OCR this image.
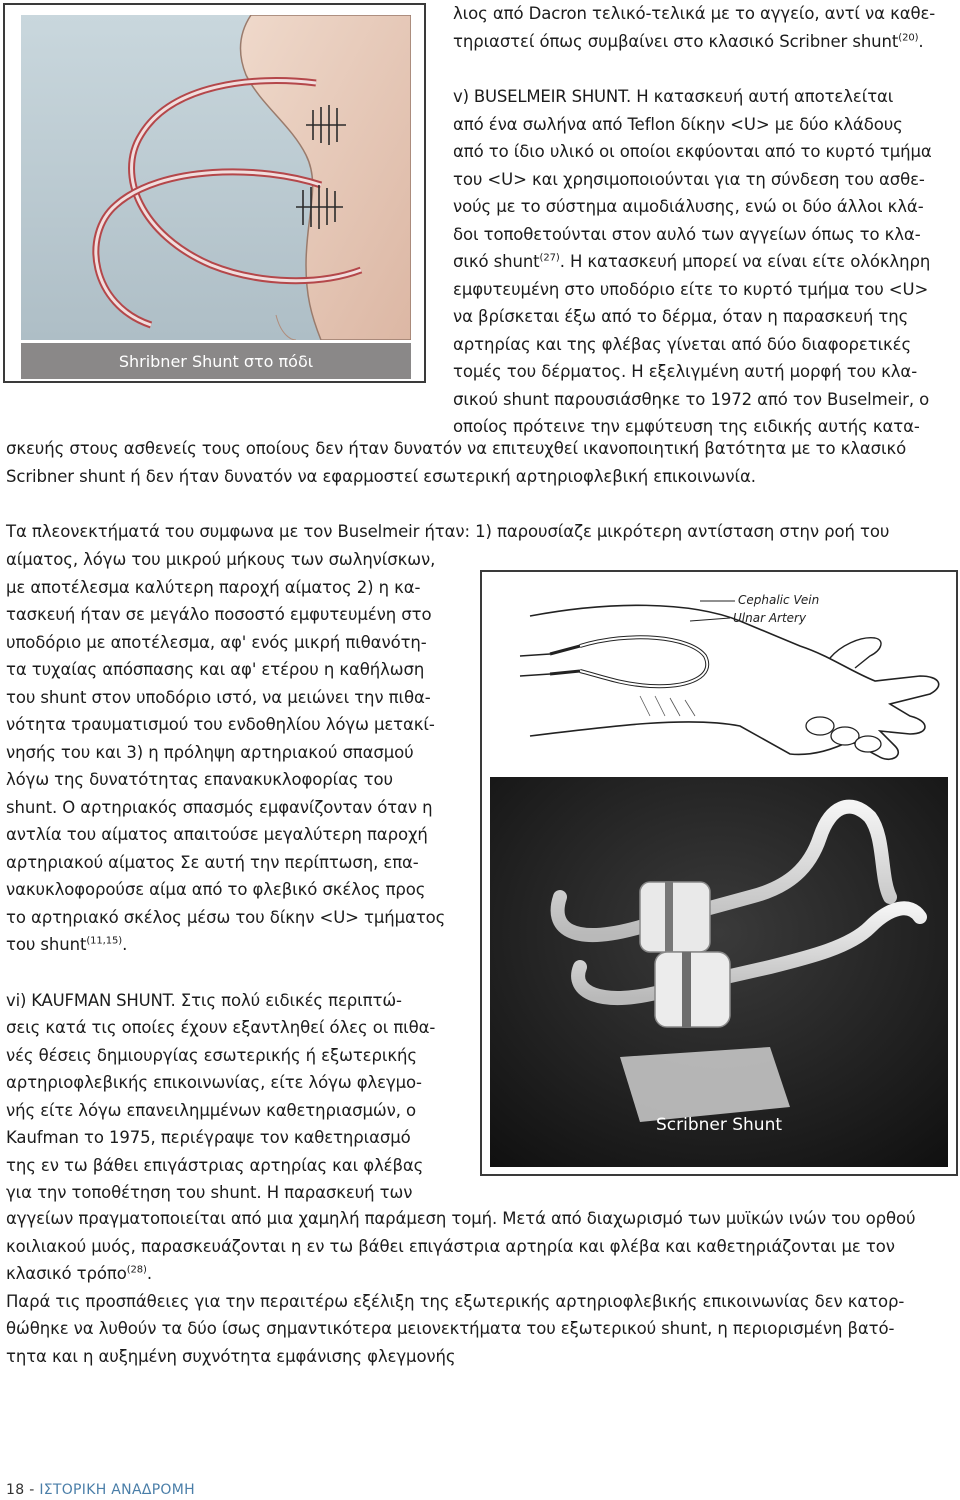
Shribner Shunt στο πόδι

λιος από Dacron τελικό-τελικά με το αγγείο, αντί να καθε-
τηριαστεί όπως συμβαίνει στο κλασικό Scribner shunt$^{(20)}$.

v) BUSELMEIR SHUNT. Η κατασκευή αυτή αποτελείται
από ένα σωλήνα από Teflon δίκην <U> με δύο κλάδους
από το ίδιο υλικό οι οποίοι εκφύονται από το κυρτό τμήμα
του <U> και χρησιμοποιούνται για τη σύνδεση του ασθε-
νούς με το σύστημα αιμοδιάλυσης, ενώ οι δύο άλλοι κλά-
δοι τοποθετούνται στον αυλό των αγγείων όπως το κλα-
σικό shunt$^{(27)}$. Η κατασκευή μπορεί να είναι είτε ολόκληρη
εμφυτευμένη στο υποδόριο είτε το κυρτό τμήμα του <U>
να βρίσκεται έξω από το δέρμα, όταν η παρασκευή της
αρτηρίας και της φλέβας γίνεται από δύο διαφορετικές
τομές του δέρματος. Η εξελιγμένη αυτή μορφή του κλα-
σικού shunt παρουσιάσθηκε το 1972 από τον Buselmeir, ο
οποίος πρότεινε την εμφύτευση της ειδικής αυτής κατα-

σκευής στους ασθενείς τους οποίους δεν ήταν δυνατόν να επιτευχθεί ικανοποιητική βατότητα με το κλασικό
Scribner shunt ή δεν ήταν δυνατόν να εφαρμοστεί εσωτερική αρτηριοφλεβική επικοινωνία.

Τα πλεονεκτήματά του συμφωνα με τον Buselmeir ήταν: 1) παρουσίαζε μικρότερη αντίσταση στην ροή του

αίματος, λόγω του μικρού μήκους των σωληνίσκων,
με αποτέλεσμα καλύτερη παροχή αίματος 2) η κα-
τασκευή ήταν σε μεγάλο ποσοστό εμφυτευμένη στο
υποδόριο με αποτέλεσμα, αφ' ενός μικρή πιθανότη-
τα τυχαίας απόσπασης και αφ' ετέρου η καθήλωση
του shunt στον υποδόριο ιστό, να μειώνει την πιθα-
νότητα τραυματισμού του ενδοθηλίου λόγω μετακί-
νησής του και 3) η πρόληψη αρτηριακού σπασμού
λόγω της δυνατότητας επανακυκλοφορίας του
shunt. Ο αρτηριακός σπασμός εμφανίζονταν όταν η
αντλία του αίματος απαιτούσε μεγαλύτερη παροχή
αρτηριακού αίματος Σε αυτή την περίπτωση, επα-
νακυκλοφορούσε αίμα από το φλεβικό σκέλος προς
το αρτηριακό σκέλος μέσω του δίκην <U> τμήματος
του shunt$^{(11,15)}$.

vi) KAUFMAN SHUNT. Στις πολύ ειδικές περιπτώ-
σεις κατά τις οποίες έχουν εξαντληθεί όλες οι πιθα-
νές θέσεις δημιουργίας εσωτερικής ή εξωτερικής
αρτηριοφλεβικής επικοινωνίας, είτε λόγω φλεγμο-
νής είτε λόγω επανειλημμένων καθετηριασμών, ο
Kaufman το 1975, περιέγραψε τον καθετηριασμό
της εν τω βάθει επιγάστριας αρτηρίας και φλέβας
για την τοποθέτηση του shunt. Η παρασκευή των

Cephalic Vein
Ulnar Artery
Scribner Shunt

αγγείων πραγματοποιείται από μια χαμηλή παράμεση τομή. Μετά από διαχωρισμό των μυϊκών ινών του ορθού
κοιλιακού μυός, παρασκευάζονται η εν τω βάθει επιγάστρια αρτηρία και φλέβα και καθετηριάζονται με τον
κλασικό τρόπο$^{(28)}$.

Παρά τις προσπάθειες για την περαιτέρω εξέλιξη της εξωτερικής αρτηριοφλεβικής επικοινωνίας δεν κατορ-
θώθηκε να λυθούν τα δύο ίσως σημαντικότερα μειονεκτήματα του εξωτερικού shunt, η περιορισμένη βατό-
τητα και η αυξημένη συχνότητα εμφάνισης φλεγμονής

18 - ΙΣΤΟΡΙΚΗ ΑΝΑΔΡΟΜΗ
